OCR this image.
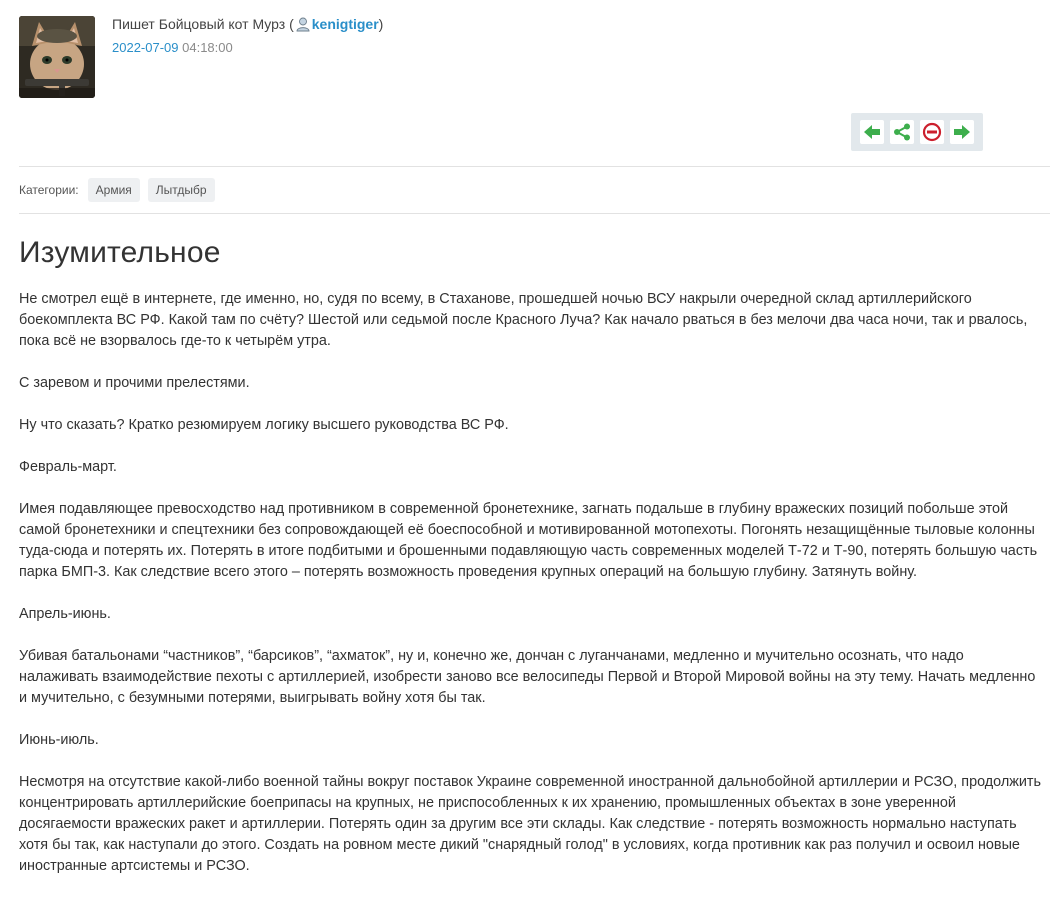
Пишет Бойцовый кот Мурз ( kenigtiger)
2022-07-09 04:18:00
Категории:	Армия	Лытдыбр
Изумительное

Не смотрел ещё в интернете, где именно, но, судя по всему, в Стаханове, прошедшей ночью ВСУ накрыли очередной склад артиллерийского боекомплекта ВС РФ. Какой там по счёту? Шестой или седьмой после Красного Луча? Как начало рваться в без мелочи два часа ночи, так и рвалось, пока всё не взорвалось где-то к четырём утра.

С заревом и прочими прелестями.

Ну что сказать? Кратко резюмируем логику высшего руководства ВС РФ.

Февраль-март.

Имея подавляющее превосходство над противником в современной бронетехнике, загнать подальше в глубину вражеских позиций побольше этой самой бронетехники и спецтехники без сопровождающей её боеспособной и мотивированной мотопехоты. Погонять незащищённые тыловые колонны туда-сюда и потерять их. Потерять в итоге подбитыми и брошенными подавляющую часть современных моделей Т-72 и Т-90, потерять большую часть парка БМП-3. Как следствие всего этого – потерять возможность проведения крупных операций на большую глубину. Затянуть войну.

Апрель-июнь.

Убивая батальонами “частников”, “барсиков”, “ахматок”, ну и, конечно же, дончан с луганчанами, медленно и мучительно осознать, что надо налаживать взаимодействие пехоты с артиллерией, изобрести заново все велосипеды Первой и Второй Мировой войны на эту тему. Начать медленно и мучительно, с безумными потерями, выигрывать войну хотя бы так.

Июнь-июль.

Несмотря на отсутствие какой-либо военной тайны вокруг поставок Украине современной иностранной дальнобойной артиллерии и РСЗО, продолжить концентрировать артиллерийские боеприпасы на крупных, не приспособленных к их хранению, промышленных объектах в зоне уверенной досягаемости вражеских ракет и артиллерии. Потерять один за другим все эти склады. Как следствие - потерять возможность нормально наступать хотя бы так, как наступали до этого. Создать на ровном месте дикий "снарядный голод" в условиях, когда противник как раз получил и освоил новые иностранные артсистемы и РСЗО.
